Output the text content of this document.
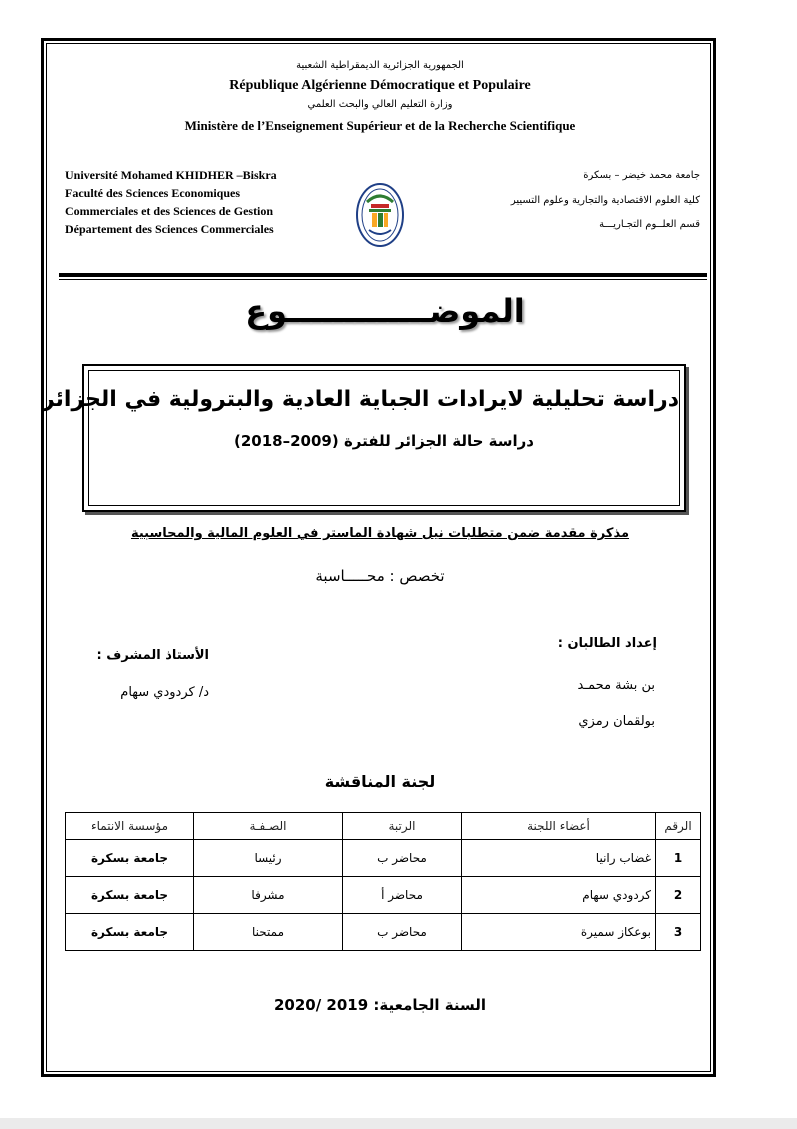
الجمهورية الجزائرية الديمقراطية الشعبية
République Algérienne Démocratique et Populaire
وزارة التعليم العالي والبحث العلمي
Ministère de l’Enseignement Supérieur et de la Recherche Scientifique
Université Mohamed KHIDHER –Biskra
Faculté des Sciences Economiques
Commerciales et des Sciences de Gestion
Département des Sciences Commerciales
جامعة محمد خيضر – بسكرة
كلية العلوم الاقتصادية والتجارية وعلوم التسيير
قسم العلــوم التجـاريـــة
الموضـــــــــــــوع
دراسة تحليلية لايرادات الجباية العادية والبترولية في الجزائر
دراسة حالة الجزائر للفترة (2009–2018)
مذكرة مقدمة ضمن متطلبات نيل شهادة الماستر في العلوم المالية والمحاسبية
تخصص : محـــــاسبة
إعداد الطالبان :
بن بشة محمـد
بولقمان رمزي
الأستاذ المشرف :
د/ كردودي سهام
لجنة المناقشة
الرقم	أعضاء اللجنة	الرتبة	الصـفـة	مؤسسة الانتماء
1	غضاب رانيا	محاضر ب	رئيسا	جامعة بسكرة
2	كردودي سهام	محاضر أ	مشرفا	جامعة بسكرة
3	بوعكاز سميرة	محاضر ب	ممتحنا	جامعة بسكرة
السنة الجامعية: 2019 /2020
